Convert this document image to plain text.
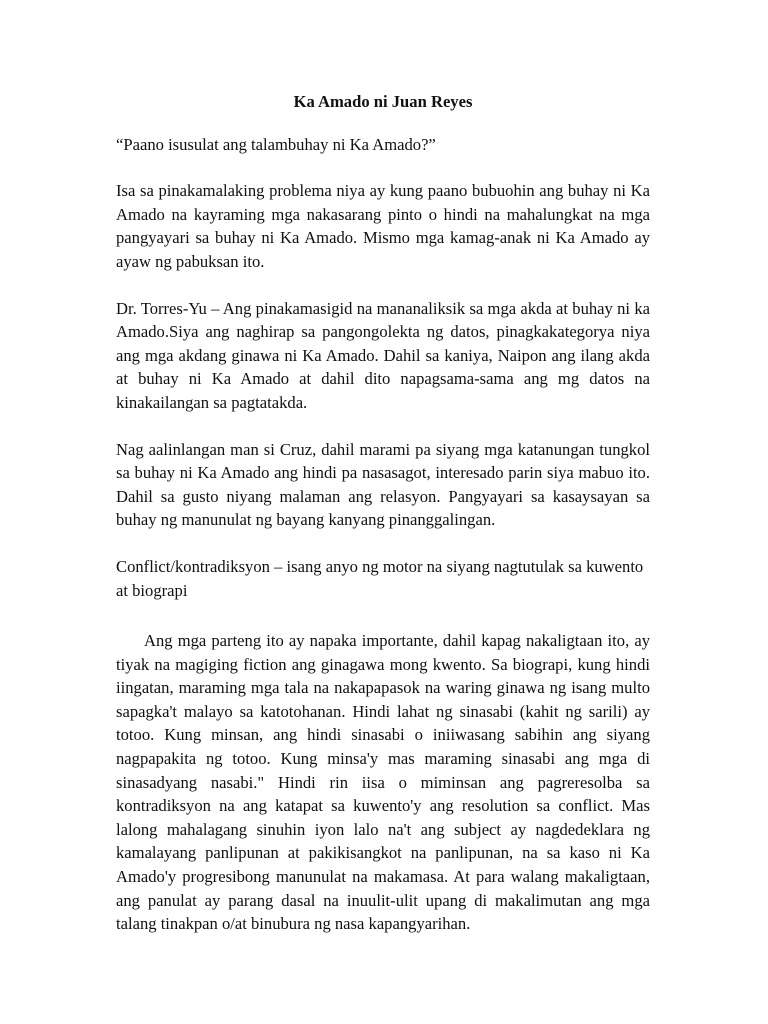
Ka Amado ni Juan Reyes

“Paano isusulat ang talambuhay ni Ka Amado?”

Isa sa pinakamalaking problema niya ay kung paano bubuohin ang buhay ni Ka Amado na kayraming mga nakasarang pinto o hindi na mahalungkat na mga pangyayari sa buhay ni Ka Amado. Mismo mga kamag-anak ni Ka Amado ay ayaw ng pabuksan ito.

Dr. Torres-Yu – Ang pinakamasigid na mananaliksik sa mga akda at buhay ni ka Amado.Siya ang naghirap sa pangongolekta ng datos, pinagkakategorya niya ang mga akdang ginawa ni Ka Amado. Dahil sa kaniya, Naipon ang ilang akda at buhay ni Ka Amado at dahil dito napagsama-sama ang mg datos na kinakailangan sa pagtatakda.

Nag aalinlangan man si Cruz, dahil marami pa siyang mga katanungan tungkol sa buhay ni Ka Amado ang hindi pa nasasagot, interesado parin siya mabuo ito. Dahil sa gusto niyang malaman ang relasyon. Pangyayari sa kasaysayan sa buhay ng manunulat ng bayang kanyang pinanggalingan.

Conflict/kontradiksyon – isang anyo ng motor na siyang nagtutulak sa kuwento at biograpi

Ang mga parteng ito ay napaka importante, dahil kapag nakaligtaan ito, ay tiyak na magiging fiction ang ginagawa mong kwento. Sa biograpi, kung hindi iingatan, maraming mga tala na nakapapasok na waring ginawa ng isang multo sapagka't malayo sa katotohanan. Hindi lahat ng sinasabi (kahit ng sarili) ay totoo. Kung minsan, ang hindi sinasabi o iniiwasang sabihin ang siyang nagpapakita ng totoo. Kung minsa'y mas maraming sinasabi ang mga di sinasadyang nasabi." Hindi rin iisa o miminsan ang pagreresolba sa kontradiksyon na ang katapat sa kuwento'y ang resolution sa conflict. Mas lalong mahalagang sinuhin iyon lalo na't ang subject ay nagdedeklara ng kamalayang panlipunan at pakikisangkot na panlipunan, na sa kaso ni Ka Amado'y progresibong manunulat na makamasa. At para walang makaligtaan, ang panulat ay parang dasal na inuulit-ulit upang di makalimutan ang mga talang tinakpan o/at binubura ng nasa kapangyarihan.
